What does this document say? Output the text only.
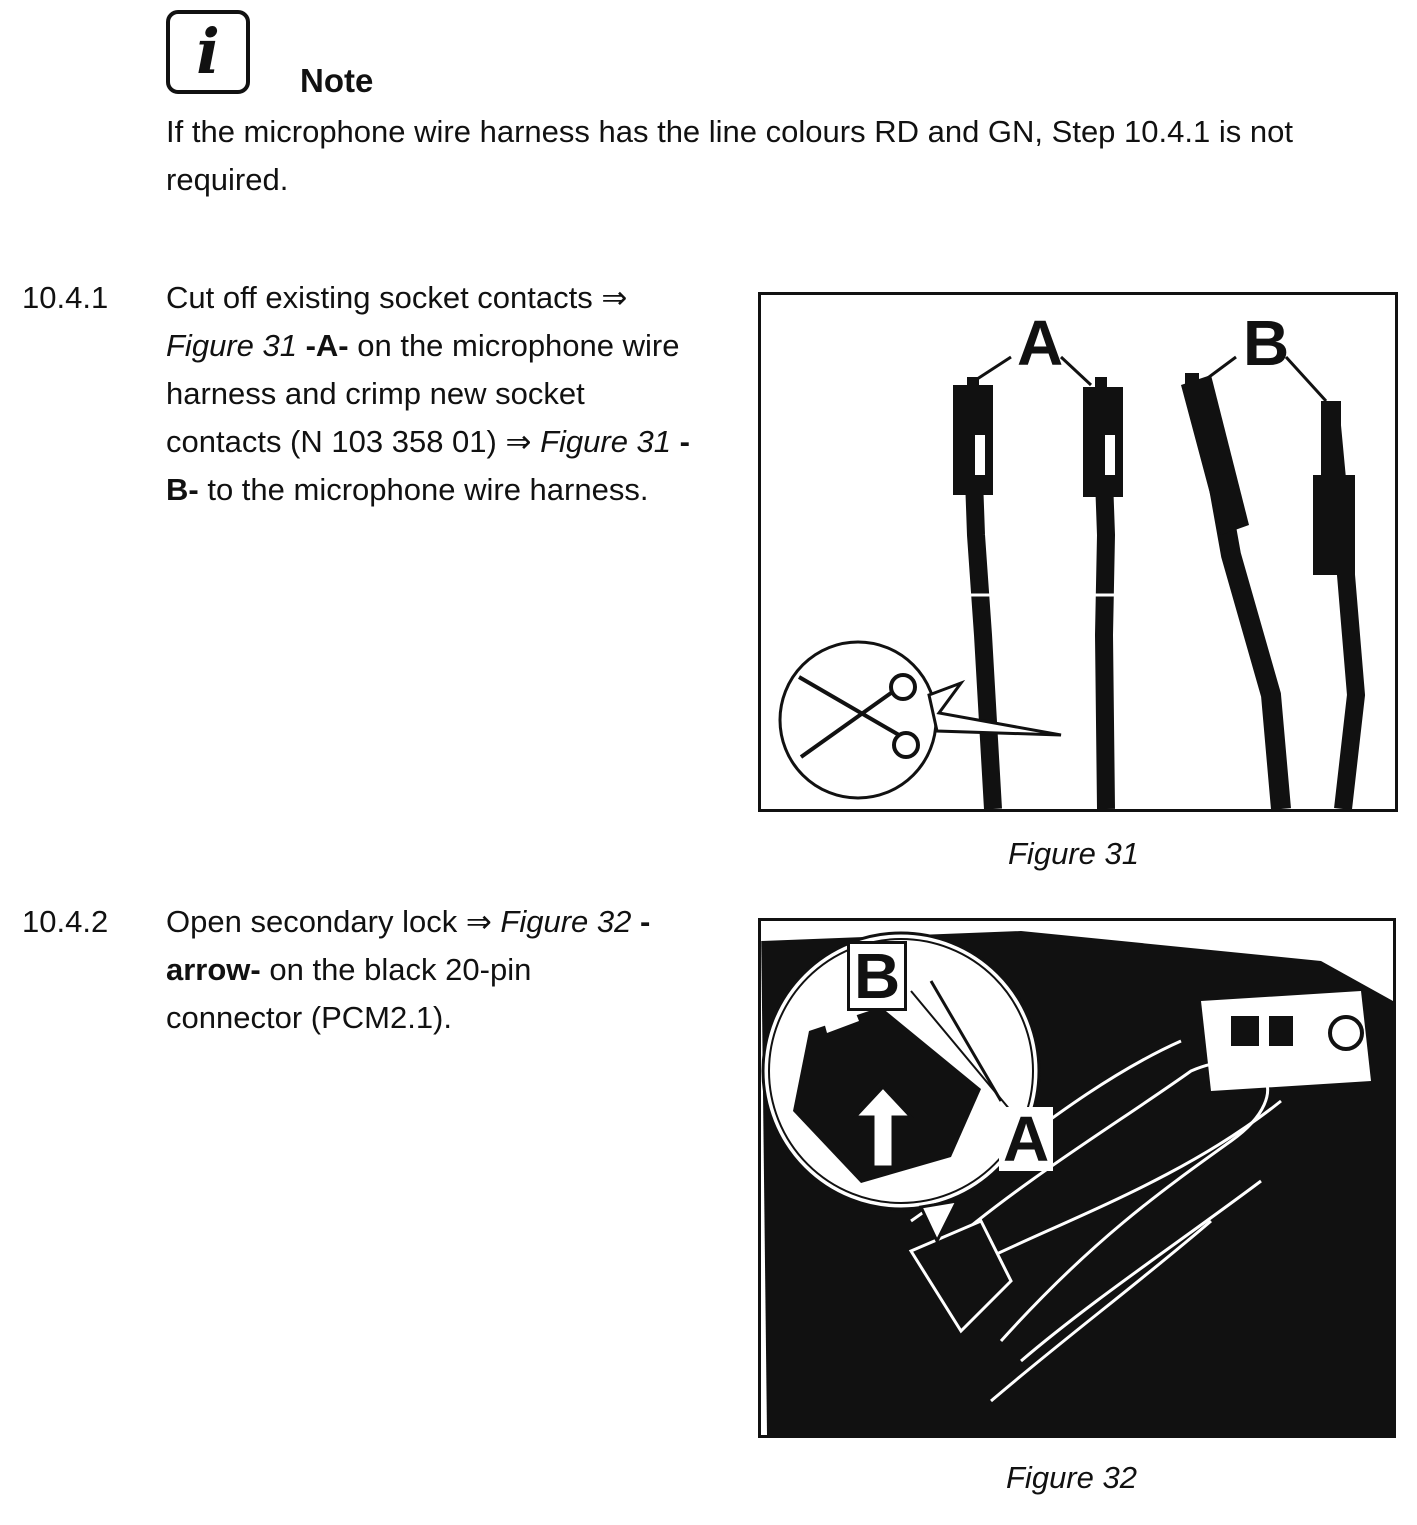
i	Note
If the microphone wire harness has the line colours RD and GN, Step 10.4.1 is not required.
10.4.1 Cut off existing socket contacts ⇒ Figure 31 -A- on the microphone wire harness and crimp new socket contacts (N 103 358 01) ⇒ Figure 31 -B- to the microphone wire harness.
A	B
Figure 31
10.4.2 Open secondary lock ⇒ Figure 32 -arrow- on the black 20-pin connector (PCM2.1).
B
A
Figure 32
